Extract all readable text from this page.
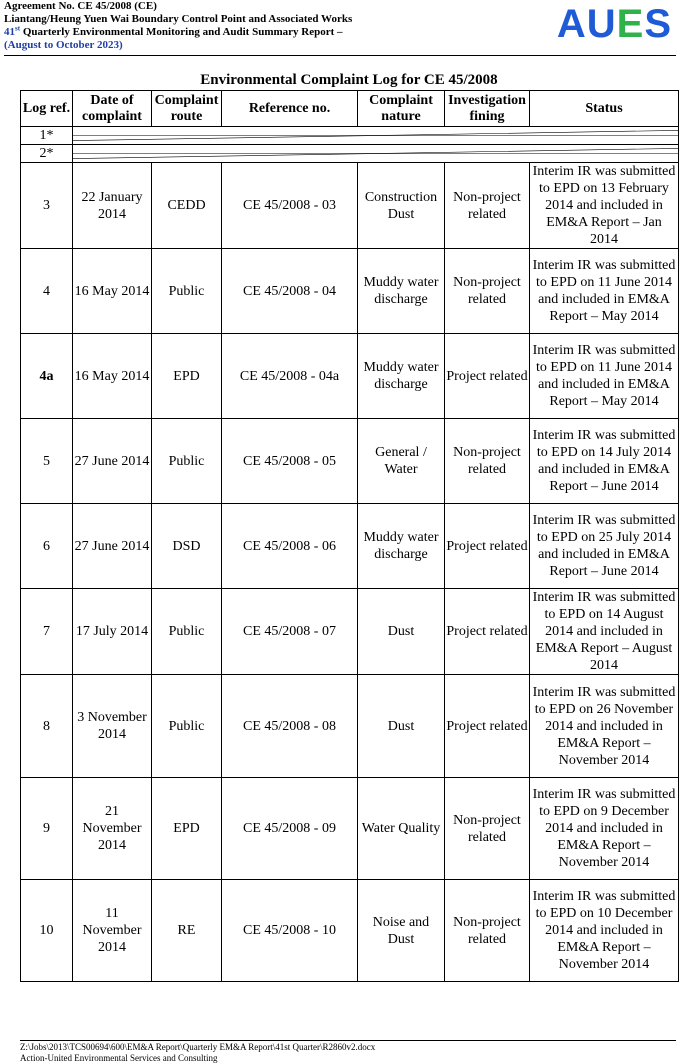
Agreement No. CE 45/2008 (CE)
Liantang/Heung Yuen Wai Boundary Control Point and Associated Works
41st Quarterly Environmental Monitoring and Audit Summary Report –
(August to October 2023)	AUES
Environmental Complaint Log for CE 45/2008
Log ref.	Date of complaint	Complaint route	Reference no.	Complaint nature	Investigation fining	Status
1*	

2*	

3	22 January 2014	CEDD	CE 45/2008 - 03	Construction Dust	Non-project related	Interim IR was submitted to EPD on 13 February 2014 and included in EM&A Report – Jan 2014
4	16 May 2014	Public	CE 45/2008 - 04	Muddy water discharge	Non-project related	Interim IR was submitted to EPD on 11 June 2014 and included in EM&A Report – May 2014
4a	16 May 2014	EPD	CE 45/2008 - 04a	Muddy water discharge	Project related	Interim IR was submitted to EPD on 11 June 2014 and included in EM&A Report – May 2014
5	27 June 2014	Public	CE 45/2008 - 05	General / Water	Non-project related	Interim IR was submitted to EPD on 14 July 2014 and included in EM&A Report – June 2014
6	27 June 2014	DSD	CE 45/2008 - 06	Muddy water discharge	Project related	Interim IR was submitted to EPD on 25 July 2014 and included in EM&A Report – June 2014
7	17 July 2014	Public	CE 45/2008 - 07	Dust	Project related	Interim IR was submitted to EPD on 14 August 2014 and included in EM&A Report – August 2014
8	3 November 2014	Public	CE 45/2008 - 08	Dust	Project related	Interim IR was submitted to EPD on 26 November 2014 and included in EM&A Report – November 2014
9	21 November 2014	EPD	CE 45/2008 - 09	Water Quality	Non-project related	Interim IR was submitted to EPD on 9 December 2014 and included in EM&A Report – November 2014
10	11 November 2014	RE	CE 45/2008 - 10	Noise and Dust	Non-project related	Interim IR was submitted to EPD on 10 December 2014 and included in EM&A Report – November 2014
Z:\Jobs\2013\TCS00694\600\EM&A Report\Quarterly EM&A Report\41st Quarter\R2860v2.docx
Action-United Environmental Services and Consulting
